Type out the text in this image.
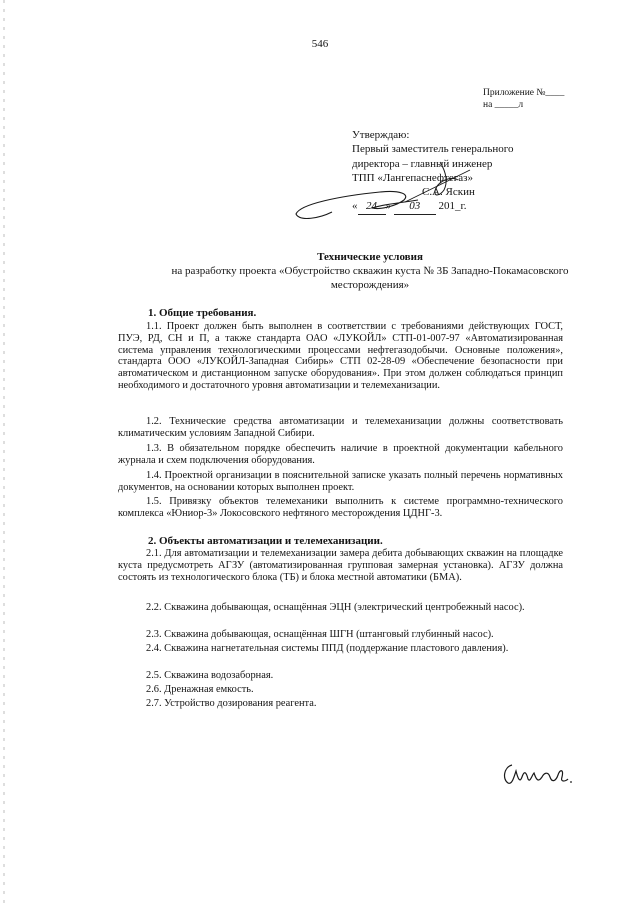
546
Приложение №____
на _____л
Утверждаю:
Первый заместитель генерального
директора – главный инженер
ТПП «Лангепаснефтегаз»
С.А. Яскин
« 24 » 03 201_г.
Технические условия
на разработку проекта «Обустройство скважин куста № 3Б Западно-Покамасовского
месторождения»
1. Общие требования.

1.1. Проект должен быть выполнен в соответствии с требованиями действующих ГОСТ, ПУЭ, РД, СН и П, а также стандарта ОАО «ЛУКОЙЛ» СТП-01-007-97 «Автоматизированная система управления технологическими процессами нефтегазодобычи. Основные положения», стандарта ООО «ЛУКОЙЛ-Западная Сибирь» СТП 02-28-09 «Обеспечение безопасности при автоматическом и дистанционном запуске оборудования». При этом должен соблюдаться принцип необходимого и достаточного уровня автоматизации и телемеханизации.

1.2. Технические средства автоматизации и телемеханизации должны соответствовать климатическим условиям Западной Сибири.

1.3. В обязательном порядке обеспечить наличие в проектной документации кабельного журнала и схем подключения оборудования.

1.4. Проектной организации в пояснительной записке указать полный перечень нормативных документов, на основании которых выполнен проект.

1.5. Привязку объектов телемеханики выполнить к системе программно-технического комплекса «Юниор-3» Локосовского нефтяного месторождения ЦДНГ-3.

2. Объекты автоматизации и телемеханизации.

2.1. Для автоматизации и телемеханизации замера дебита добывающих скважин на площадке куста предусмотреть АГЗУ (автоматизированная групповая замерная установка). АГЗУ должна состоять из технологического блока (ТБ) и блока местной автоматики (БМА).

2.2. Скважина добывающая, оснащённая ЭЦН (электрический центробежный насос).

2.3. Скважина добывающая, оснащённая ШГН (штанговый глубинный насос).

2.4. Скважина нагнетательная системы ППД (поддержание пластового давления).

2.5. Скважина водозаборная.

2.6. Дренажная емкость.

2.7. Устройство дозирования реагента.
